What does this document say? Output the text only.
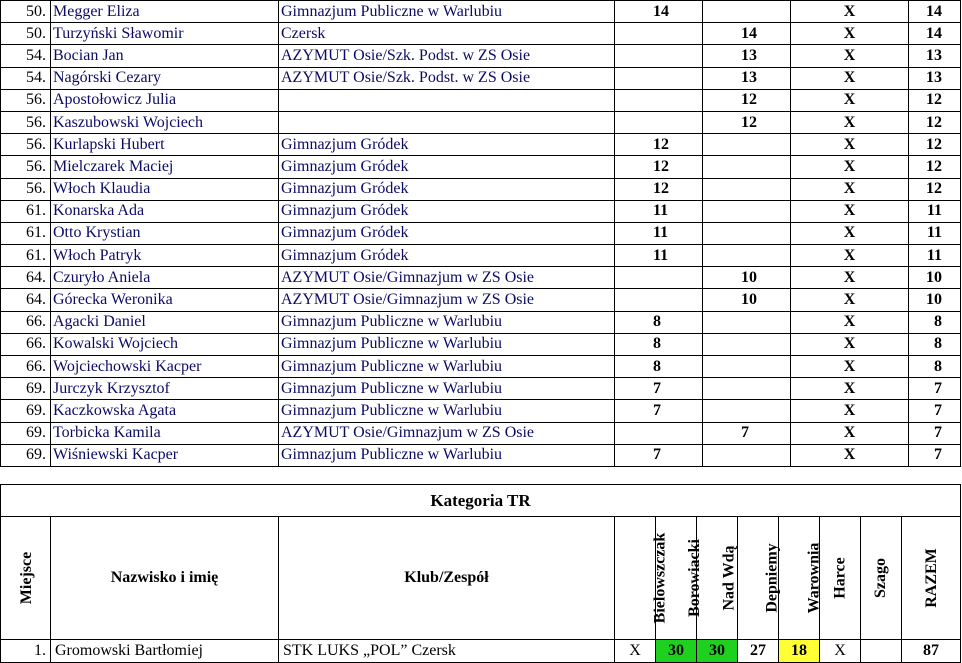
50.	Megger Eliza	Gimnazjum Publiczne w Warlubiu	14		X	14
50.	Turzyński Sławomir	Czersk		14	X	14
54.	Bocian Jan	AZYMUT Osie/Szk. Podst. w ZS Osie		13	X	13
54.	Nagórski Cezary	AZYMUT Osie/Szk. Podst. w ZS Osie		13	X	13
56.	Apostołowicz Julia			12	X	12
56.	Kaszubowski Wojciech			12	X	12
56.	Kurlapski Hubert	Gimnazjum Gródek	12		X	12
56.	Mielczarek Maciej	Gimnazjum Gródek	12		X	12
56.	Włoch Klaudia	Gimnazjum Gródek	12		X	12
61.	Konarska Ada	Gimnazjum Gródek	11		X	11
61.	Otto Krystian	Gimnazjum Gródek	11		X	11
61.	Włoch Patryk	Gimnazjum Gródek	11		X	11
64.	Czuryło Aniela	AZYMUT Osie/Gimnazjum w ZS Osie		10	X	10
64.	Górecka Weronika	AZYMUT Osie/Gimnazjum w ZS Osie		10	X	10
66.	Agacki Daniel	Gimnazjum Publiczne w Warlubiu	8		X	8
66.	Kowalski Wojciech	Gimnazjum Publiczne w Warlubiu	8		X	8
66.	Wojciechowski Kacper	Gimnazjum Publiczne w Warlubiu	8		X	8
69.	Jurczyk Krzysztof	Gimnazjum Publiczne w Warlubiu	7		X	7
69.	Kaczkowska Agata	Gimnazjum Publiczne w Warlubiu	7		X	7
69.	Torbicka Kamila	AZYMUT Osie/Gimnazjum w ZS Osie		7	X	7
69.	Wiśniewski Kacper	Gimnazjum Publiczne w Warlubiu	7		X	7
Kategoria TR										
Miejsce	Nazwisko i imię	Klub/Zespół	Bielowszczak	Borowiacki	Nad Wdą	Depniemy	Warownia	Harce	Szago	RAZEM
1.	Gromowski Bartłomiej	STK LUKS „POL” Czersk	X	30	30	27	18	X		87
